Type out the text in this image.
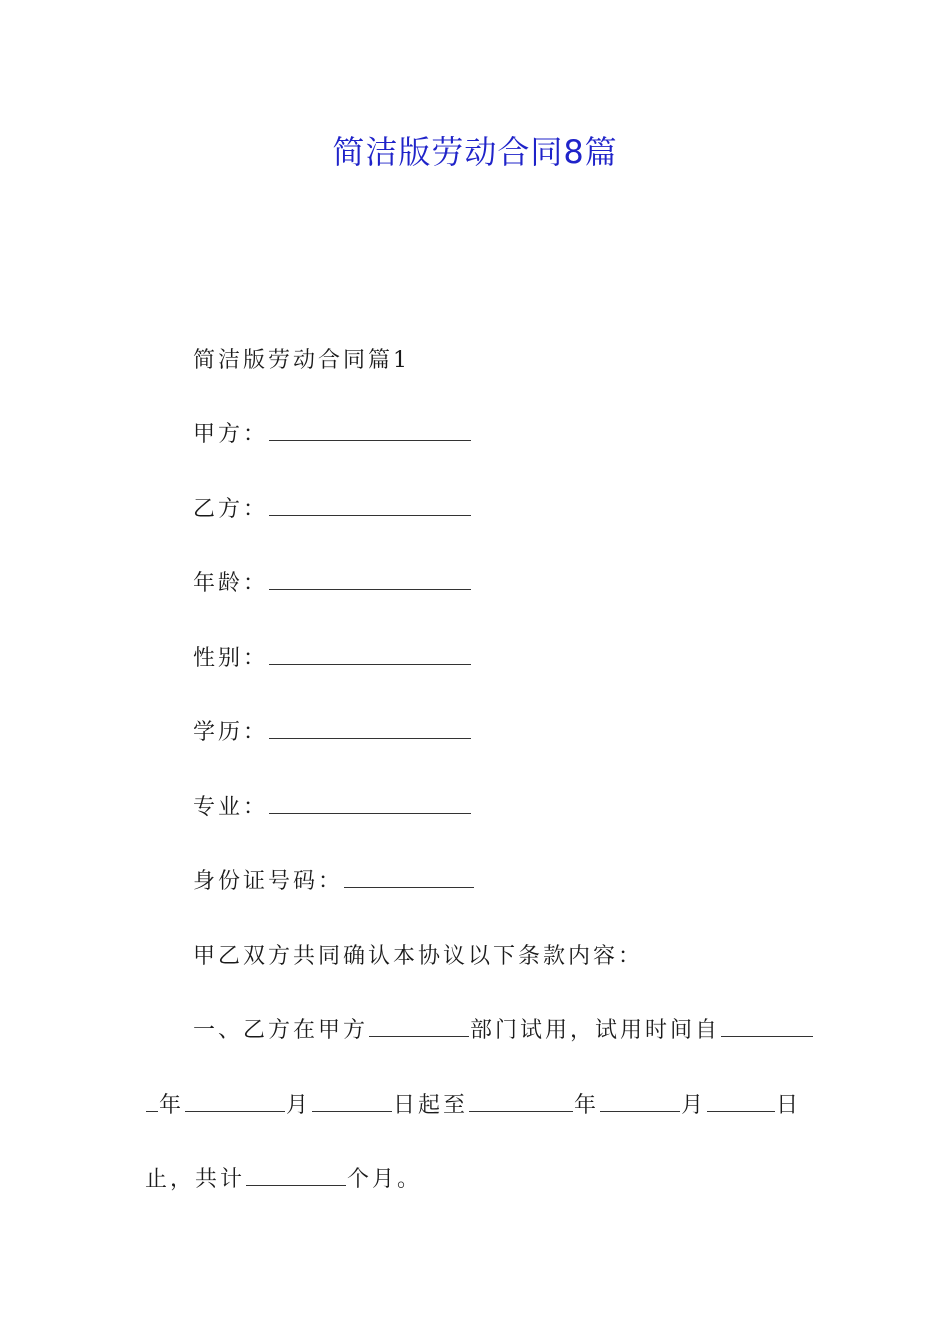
简洁版劳动合同8篇
简洁版劳动合同篇1
甲方：
乙方：
年龄：
性别：
学历：
专业：
身份证号码：
甲乙双方共同确认本协议以下条款内容：
一、乙方在甲方	部门试用，试用时间自
年	月	日起至	年	月	日
止，共计	个月。
